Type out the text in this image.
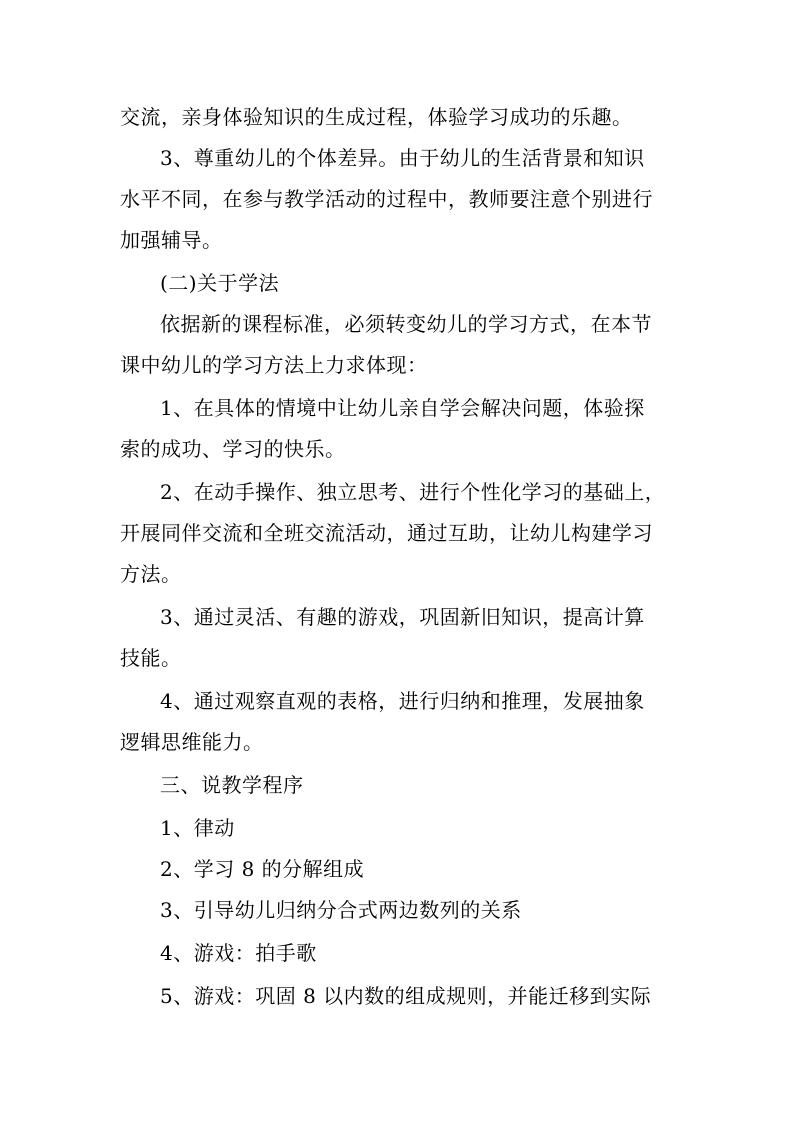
交流，亲身体验知识的生成过程，体验学习成功的乐趣。
3、尊重幼儿的个体差异。由于幼儿的生活背景和知识
水平不同，在参与教学活动的过程中，教师要注意个别进行
加强辅导。
(二)关于学法
依据新的课程标准，必须转变幼儿的学习方式，在本节
课中幼儿的学习方法上力求体现：
1、在具体的情境中让幼儿亲自学会解决问题，体验探
索的成功、学习的快乐。
2、在动手操作、独立思考、进行个性化学习的基础上，
开展同伴交流和全班交流活动，通过互助，让幼儿构建学习
方法。
3、通过灵活、有趣的游戏，巩固新旧知识，提高计算
技能。
4、通过观察直观的表格，进行归纳和推理，发展抽象
逻辑思维能力。
三、说教学程序
1、律动
2、学习 8 的分解组成
3、引导幼儿归纳分合式两边数列的关系
4、游戏：拍手歌
5、游戏：巩固 8 以内数的组成规则，并能迁移到实际
